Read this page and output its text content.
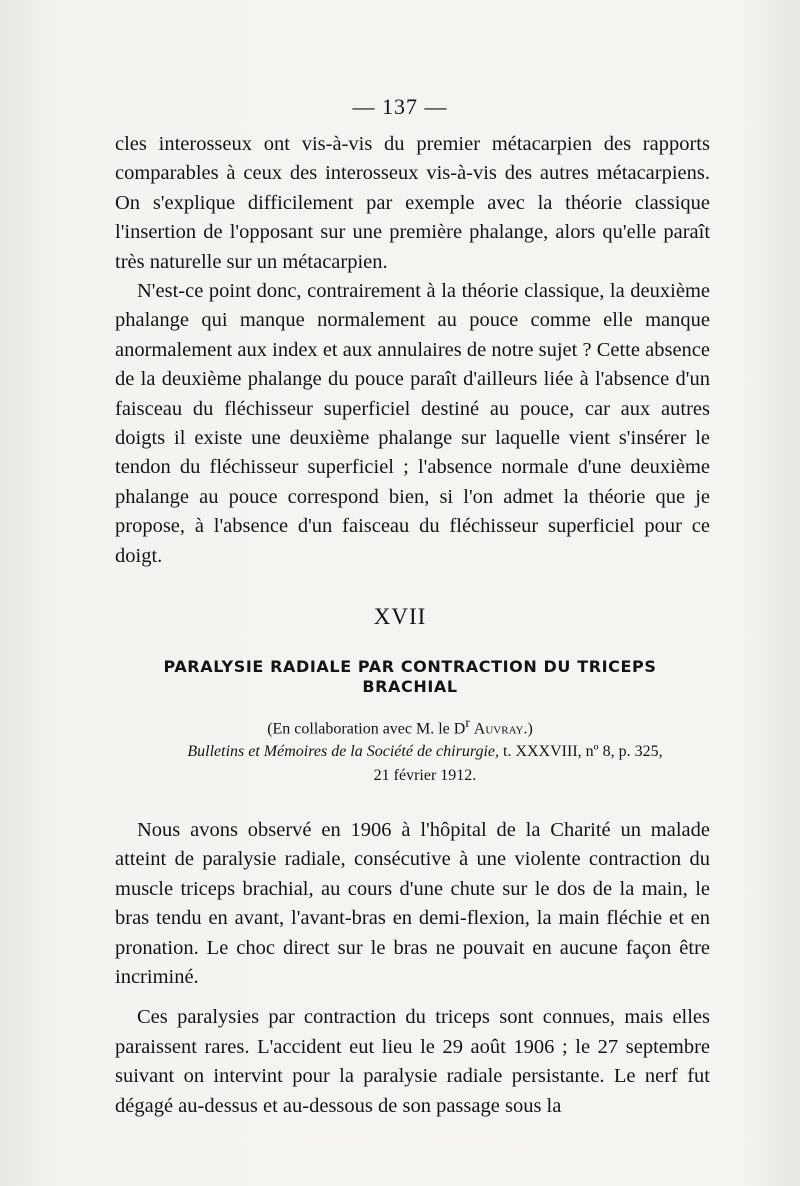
— 137 —

cles interosseux ont vis-à-vis du premier métacarpien des rapports comparables à ceux des interosseux vis-à-vis des autres métacarpiens. On s'explique difficilement par exemple avec la théorie classique l'insertion de l'opposant sur une première phalange, alors qu'elle paraît très naturelle sur un métacarpien.

N'est-ce point donc, contrairement à la théorie classique, la deuxième phalange qui manque normalement au pouce comme elle manque anormalement aux index et aux annulaires de notre sujet ? Cette absence de la deuxième phalange du pouce paraît d'ailleurs liée à l'absence d'un faisceau du fléchisseur superficiel destiné au pouce, car aux autres doigts il existe une deuxième phalange sur laquelle vient s'insérer le tendon du fléchisseur superficiel ; l'absence normale d'une deuxième phalange au pouce correspond bien, si l'on admet la théorie que je propose, à l'absence d'un faisceau du fléchisseur superficiel pour ce doigt.

XVII
PARALYSIE RADIALE PAR CONTRACTION DU TRICEPS
BRACHIAL
(En collaboration avec M. le $D^r$ Auvray.)
Bulletins et Mémoires de la Société de chirurgie, t. XXXVIII, nº 8, p. 325,
21 février 1912.

Nous avons observé en 1906 à l'hôpital de la Charité un malade atteint de paralysie radiale, consécutive à une violente contraction du muscle triceps brachial, au cours d'une chute sur le dos de la main, le bras tendu en avant, l'avant-bras en demi-flexion, la main fléchie et en pronation. Le choc direct sur le bras ne pouvait en aucune façon être incriminé.

Ces paralysies par contraction du triceps sont connues, mais elles paraissent rares. L'accident eut lieu le 29 août 1906 ; le 27 septembre suivant on intervint pour la paralysie radiale persistante. Le nerf fut dégagé au-dessus et au-dessous de son passage sous la
